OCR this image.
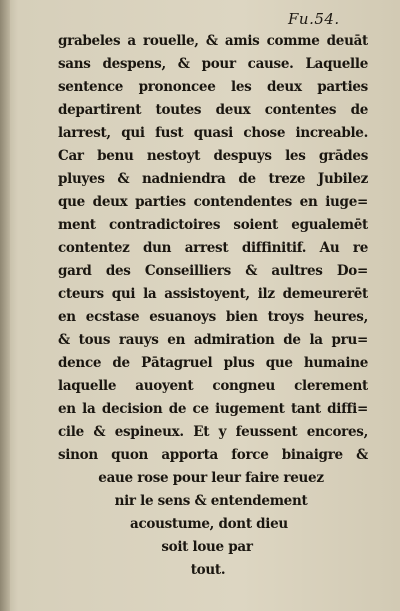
Fu.54.
grabeles a rouelle, & amis comme deuāt
sans despens, & pour cause. Laquelle
sentence prononcee les deux parties
departirent toutes deux contentes de
larrest, qui fust quasi chose increable.
Car benu nestoyt despuys les grādes
pluyes & nadniendra de treze Jubilez
que deux parties contendentes en iuge=
ment contradictoires soient egualemēt
contentez dun arrest diffinitif. Au re
gard des Conseilliers & aultres Do=
cteurs qui la assistoyent, ilz demeurerēt
en ecstase esuanoys bien troys heures,
& tous rauys en admiration de la pru=
dence de Pātagruel plus que humaine
laquelle auoyent congneu clerement
en la decision de ce iugement tant diffi=
cile & espineux. Et y feussent encores,
sinon quon apporta force binaigre &
eaue rose pour leur faire reuez
nir le sens & entendement
acoustume, dont dieu
soit loue par
tout.
